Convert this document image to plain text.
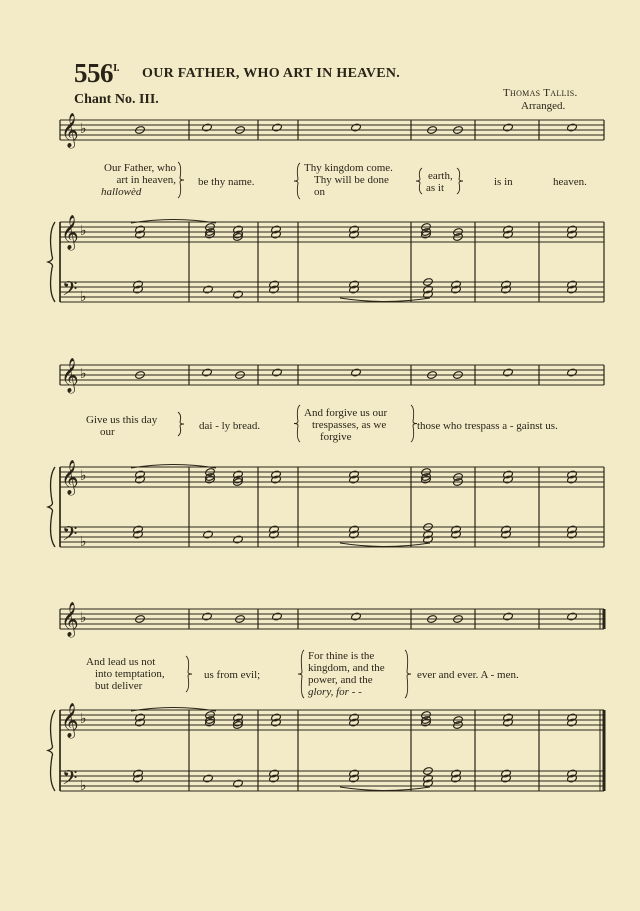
$556^{I.}$ OUR FATHER, WHO ART IN HEAVEN.
Chant No. III.	Thomas Tallis.
Arranged.
𝄞
𝄞
𝄢
♭
♭
♭
𝄞
𝄞
𝄢
♭
♭
♭
𝄞
𝄞
𝄢
♭
♭
♭
Our Father, who
art in heaven,
hallowèd
be thy name.
Thy kingdom come.
Thy will be done
on
earth,
as it	is in	heaven.
Give us this day
our	dai - ly bread.
And forgive us our
trespasses, as we
forgive
those who trespass a - gainst us.
And lead us not
into temptation,
but deliver
us from evil;
For thine is the
kingdom, and the
power, and the
glory, for - -
ever and ever. A - men.
